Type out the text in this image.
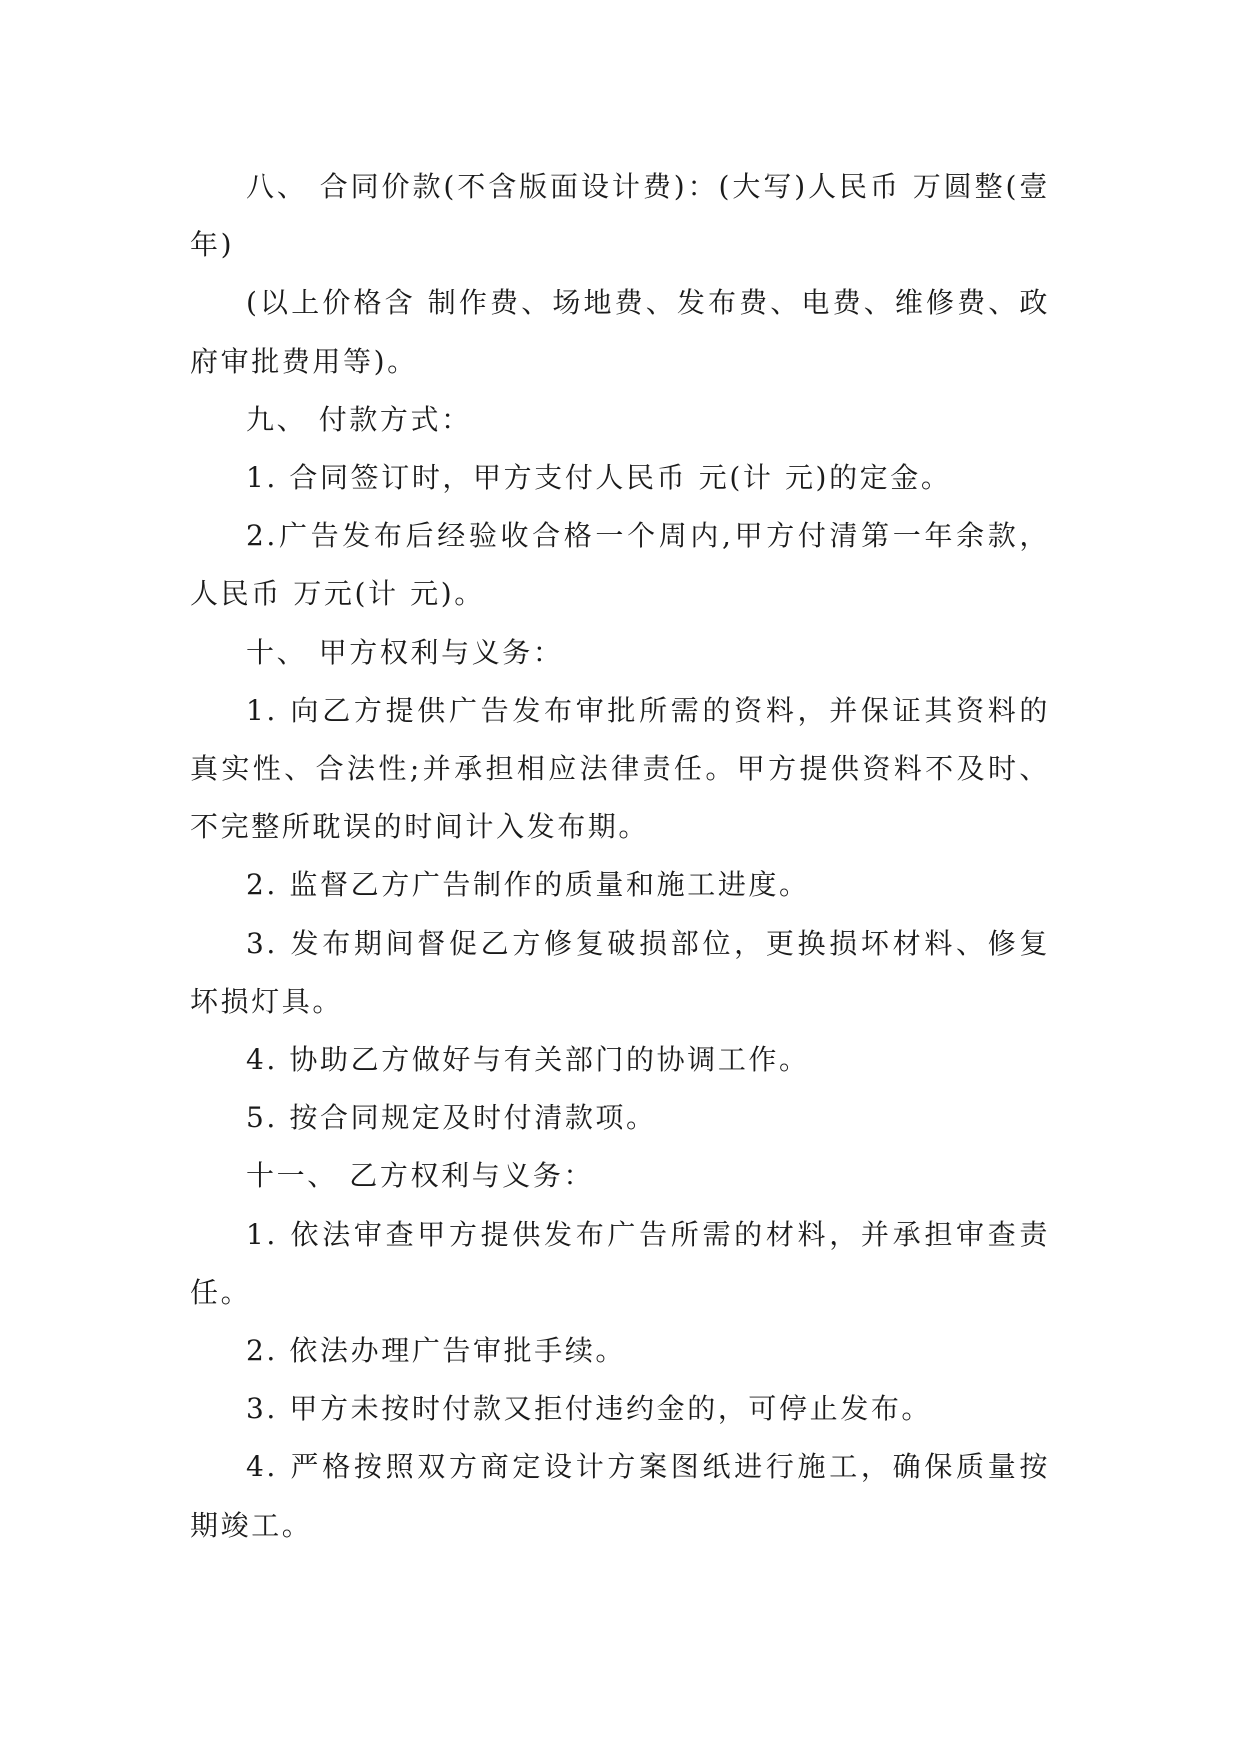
八、 合同价款(不含版面设计费)：(大写)人民币 万圆整(壹年)

(以上价格含 制作费、场地费、发布费、电费、维修费、政府审批费用等)。

九、 付款方式：

1. 合同签订时，甲方支付人民币 元(计 元)的定金。

2.广告发布后经验收合格一个周内,甲方付清第一年余款，人民币 万元(计 元)。

十、 甲方权利与义务：

1. 向乙方提供广告发布审批所需的资料，并保证其资料的真实性、合法性;并承担相应法律责任。甲方提供资料不及时、不完整所耽误的时间计入发布期。

2. 监督乙方广告制作的质量和施工进度。

3. 发布期间督促乙方修复破损部位，更换损坏材料、修复坏损灯具。

4. 协助乙方做好与有关部门的协调工作。

5. 按合同规定及时付清款项。

十一、 乙方权利与义务：

1. 依法审查甲方提供发布广告所需的材料，并承担审查责任。

2. 依法办理广告审批手续。

3. 甲方未按时付款又拒付违约金的，可停止发布。

4. 严格按照双方商定设计方案图纸进行施工，确保质量按期竣工。
